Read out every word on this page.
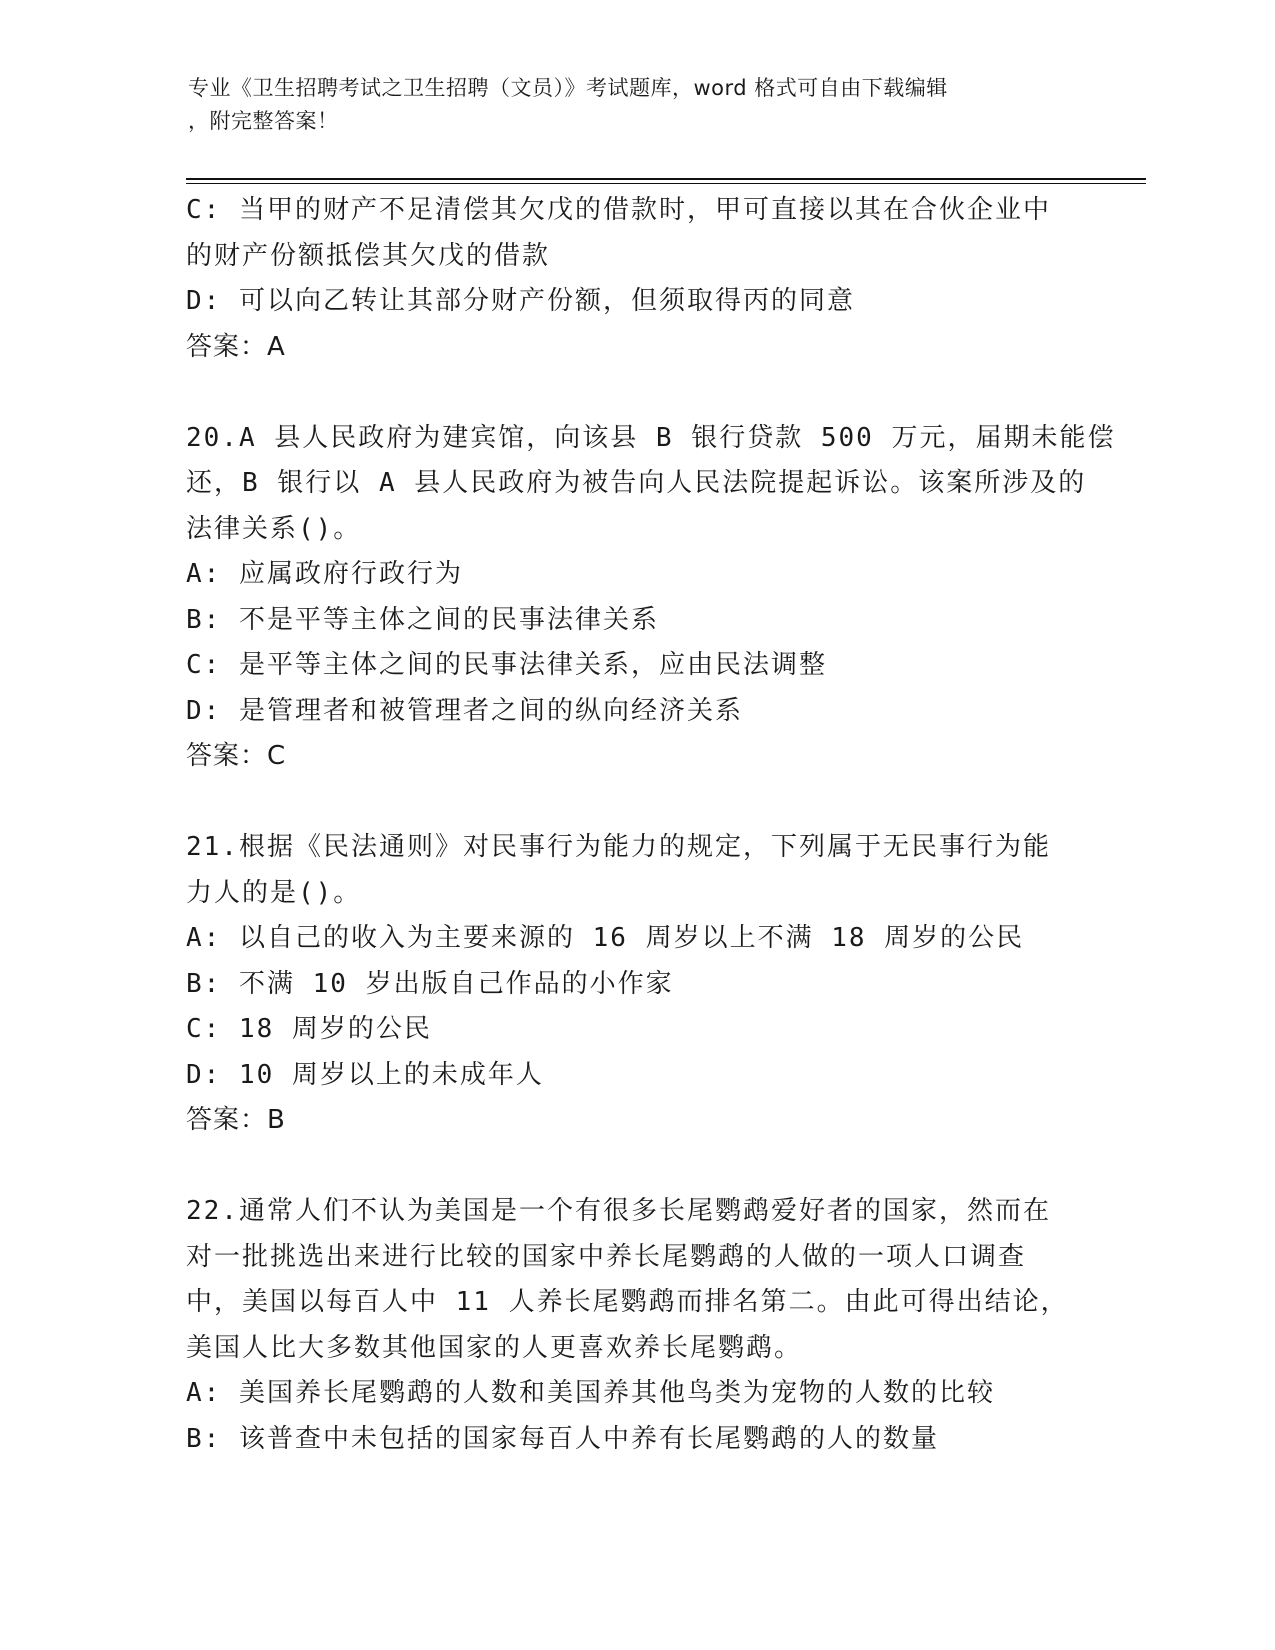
专业《卫生招聘考试之卫生招聘（文员）》考试题库，word 格式可自由下载编辑
，附完整答案！
C: 当甲的财产不足清偿其欠戊的借款时，甲可直接以其在合伙企业中
的财产份额抵偿其欠戊的借款
D: 可以向乙转让其部分财产份额，但须取得丙的同意
答案：A
20.A 县人民政府为建宾馆，向该县 B 银行贷款 500 万元，届期未能偿
还，B 银行以 A 县人民政府为被告向人民法院提起诉讼。该案所涉及的
法律关系()。
A: 应属政府行政行为
B: 不是平等主体之间的民事法律关系
C: 是平等主体之间的民事法律关系，应由民法调整
D: 是管理者和被管理者之间的纵向经济关系
答案：C
21.根据《民法通则》对民事行为能力的规定，下列属于无民事行为能
力人的是()。
A: 以自己的收入为主要来源的 16 周岁以上不满 18 周岁的公民
B: 不满 10 岁出版自己作品的小作家
C: 18 周岁的公民
D: 10 周岁以上的未成年人
答案：B
22.通常人们不认为美国是一个有很多长尾鹦鹉爱好者的国家，然而在
对一批挑选出来进行比较的国家中养长尾鹦鹉的人做的一项人口调查
中，美国以每百人中 11 人养长尾鹦鹉而排名第二。由此可得出结论，
美国人比大多数其他国家的人更喜欢养长尾鹦鹉。
A: 美国养长尾鹦鹉的人数和美国养其他鸟类为宠物的人数的比较
B: 该普查中未包括的国家每百人中养有长尾鹦鹉的人的数量
